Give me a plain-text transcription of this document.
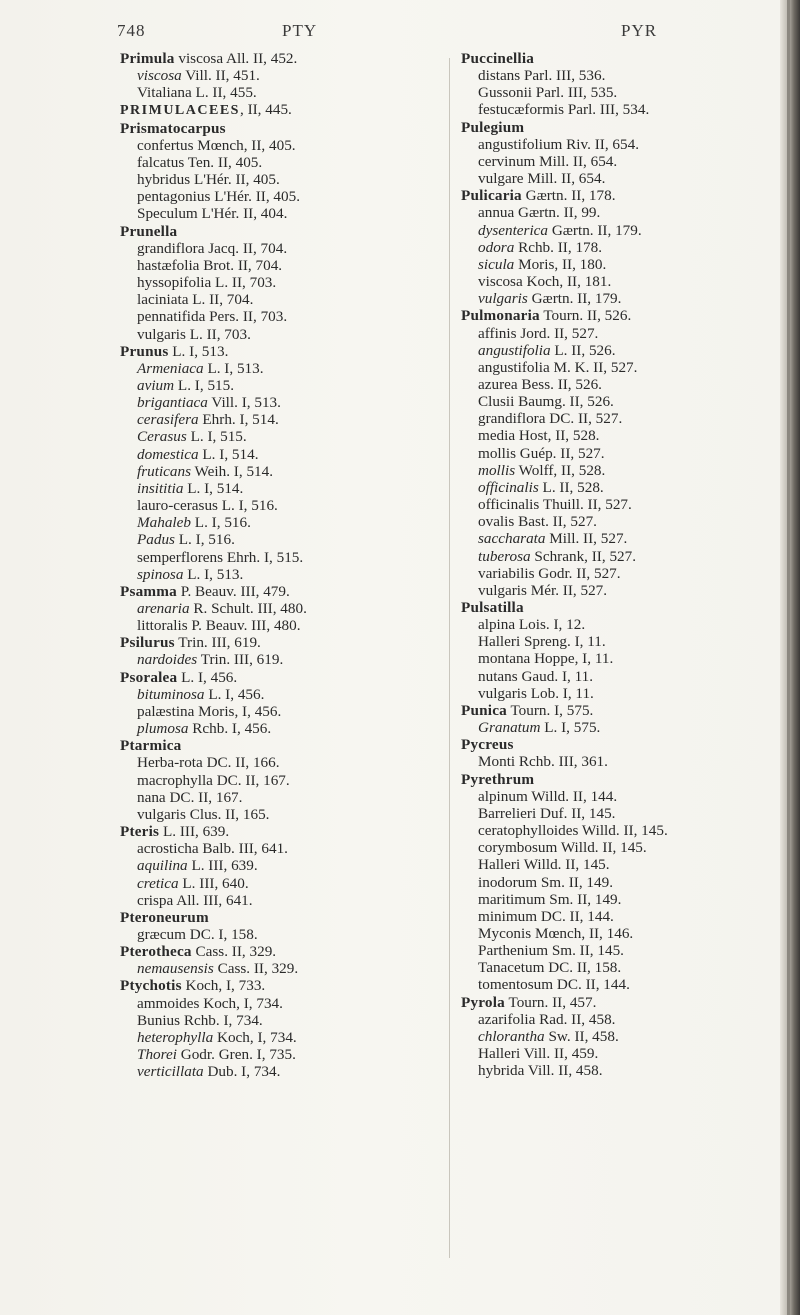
748	PTY	PYR
Primula viscosa All. II, 452.
viscosa Vill. II, 451.
Vitaliana L. II, 455.
PRIMULACEES, II, 445.
Prismatocarpus
confertus Mœnch, II, 405.
falcatus Ten. II, 405.
hybridus L'Hér. II, 405.
pentagonius L'Hér. II, 405.
Speculum L'Hér. II, 404.
Prunella
grandiflora Jacq. II, 704.
hastæfolia Brot. II, 704.
hyssopifolia L. II, 703.
laciniata L. II, 704.
pennatifida Pers. II, 703.
vulgaris L. II, 703.
Prunus L. I, 513.
Armeniaca L. I, 513.
avium L. I, 515.
brigantiaca Vill. I, 513.
cerasifera Ehrh. I, 514.
Cerasus L. I, 515.
domestica L. I, 514.
fruticans Weih. I, 514.
insititia L. I, 514.
lauro-cerasus L. I, 516.
Mahaleb L. I, 516.
Padus L. I, 516.
semperflorens Ehrh. I, 515.
spinosa L. I, 513.
Psamma P. Beauv. III, 479.
arenaria R. Schult. III, 480.
littoralis P. Beauv. III, 480.
Psilurus Trin. III, 619.
nardoides Trin. III, 619.
Psoralea L. I, 456.
bituminosa L. I, 456.
palæstina Moris, I, 456.
plumosa Rchb. I, 456.
Ptarmica
Herba-rota DC. II, 166.
macrophylla DC. II, 167.
nana DC. II, 167.
vulgaris Clus. II, 165.
Pteris L. III, 639.
acrosticha Balb. III, 641.
aquilina L. III, 639.
cretica L. III, 640.
crispa All. III, 641.
Pteroneurum
græcum DC. I, 158.
Pterotheca Cass. II, 329.
nemausensis Cass. II, 329.
Ptychotis Koch, I, 733.
ammoides Koch, I, 734.
Bunius Rchb. I, 734.
heterophylla Koch, I, 734.
Thorei Godr. Gren. I, 735.
verticillata Dub. I, 734.
Puccinellia
distans Parl. III, 536.
Gussonii Parl. III, 535.
festucæformis Parl. III, 534.
Pulegium
angustifolium Riv. II, 654.
cervinum Mill. II, 654.
vulgare Mill. II, 654.
Pulicaria Gærtn. II, 178.
annua Gærtn. II, 99.
dysenterica Gærtn. II, 179.
odora Rchb. II, 178.
sicula Moris, II, 180.
viscosa Koch, II, 181.
vulgaris Gærtn. II, 179.
Pulmonaria Tourn. II, 526.
affinis Jord. II, 527.
angustifolia L. II, 526.
angustifolia M. K. II, 527.
azurea Bess. II, 526.
Clusii Baumg. II, 526.
grandiflora DC. II, 527.
media Host, II, 528.
mollis Guép. II, 527.
mollis Wolff, II, 528.
officinalis L. II, 528.
officinalis Thuill. II, 527.
ovalis Bast. II, 527.
saccharata Mill. II, 527.
tuberosa Schrank, II, 527.
variabilis Godr. II, 527.
vulgaris Mér. II, 527.
Pulsatilla
alpina Lois. I, 12.
Halleri Spreng. I, 11.
montana Hoppe, I, 11.
nutans Gaud. I, 11.
vulgaris Lob. I, 11.
Punica Tourn. I, 575.
Granatum L. I, 575.
Pycreus
Monti Rchb. III, 361.
Pyrethrum
alpinum Willd. II, 144.
Barrelieri Duf. II, 145.
ceratophylloides Willd. II, 145.
corymbosum Willd. II, 145.
Halleri Willd. II, 145.
inodorum Sm. II, 149.
maritimum Sm. II, 149.
minimum DC. II, 144.
Myconis Mœnch, II, 146.
Parthenium Sm. II, 145.
Tanacetum DC. II, 158.
tomentosum DC. II, 144.
Pyrola Tourn. II, 457.
azarifolia Rad. II, 458.
chlorantha Sw. II, 458.
Halleri Vill. II, 459.
hybrida Vill. II, 458.
